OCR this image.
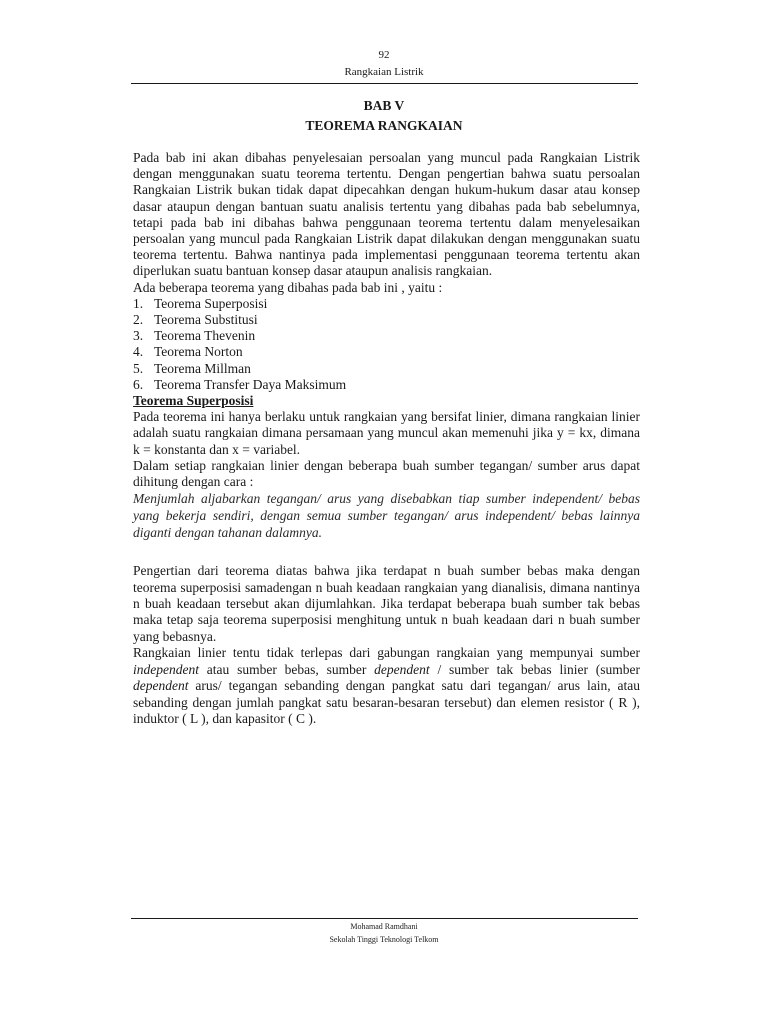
92
Rangkaian Listrik
BAB V
TEOREMA RANGKAIAN

Pada bab ini akan dibahas penyelesaian persoalan yang muncul pada Rangkaian Listrik dengan menggunakan suatu teorema tertentu. Dengan pengertian bahwa suatu persoalan Rangkaian Listrik bukan tidak dapat dipecahkan dengan hukum-hukum dasar atau konsep dasar ataupun dengan bantuan suatu analisis tertentu yang dibahas pada bab sebelumnya, tetapi pada bab ini dibahas bahwa penggunaan teorema tertentu dalam menyelesaikan persoalan yang muncul pada Rangkaian Listrik dapat dilakukan dengan menggunakan suatu teorema tertentu. Bahwa nantinya pada implementasi penggunaan teorema tertentu akan diperlukan suatu bantuan konsep dasar ataupun analisis rangkaian.

Ada beberapa teorema yang dibahas pada bab ini , yaitu :

1. Teorema Superposisi
2. Teorema Substitusi
3. Teorema Thevenin
4. Teorema Norton
5. Teorema Millman
6. Teorema Transfer Daya Maksimum

Teorema Superposisi

Pada teorema ini hanya berlaku untuk rangkaian yang bersifat linier, dimana rangkaian linier adalah suatu rangkaian dimana persamaan yang muncul akan memenuhi jika y = kx, dimana k = konstanta dan x = variabel.

Dalam setiap rangkaian linier dengan beberapa buah sumber tegangan/ sumber arus dapat dihitung dengan cara :

Menjumlah aljabarkan tegangan/ arus yang disebabkan tiap sumber independent/ bebas yang bekerja sendiri, dengan semua sumber tegangan/ arus independent/ bebas lainnya diganti dengan tahanan dalamnya.

Pengertian dari teorema diatas bahwa jika terdapat n buah sumber bebas maka dengan teorema superposisi samadengan n buah keadaan rangkaian yang dianalisis, dimana nantinya n buah keadaan tersebut akan dijumlahkan. Jika terdapat beberapa buah sumber tak bebas maka tetap saja teorema superposisi menghitung untuk n buah keadaan dari n buah sumber yang bebasnya.

Rangkaian linier tentu tidak terlepas dari gabungan rangkaian yang mempunyai sumber independent atau sumber bebas, sumber dependent / sumber tak bebas linier (sumber dependent arus/ tegangan sebanding dengan pangkat satu dari tegangan/ arus lain, atau sebanding dengan jumlah pangkat satu besaran-besaran tersebut) dan elemen resistor ( R ), induktor ( L ), dan kapasitor ( C ).

Mohamad Ramdhani
Sekolah Tinggi Teknologi Telkom
